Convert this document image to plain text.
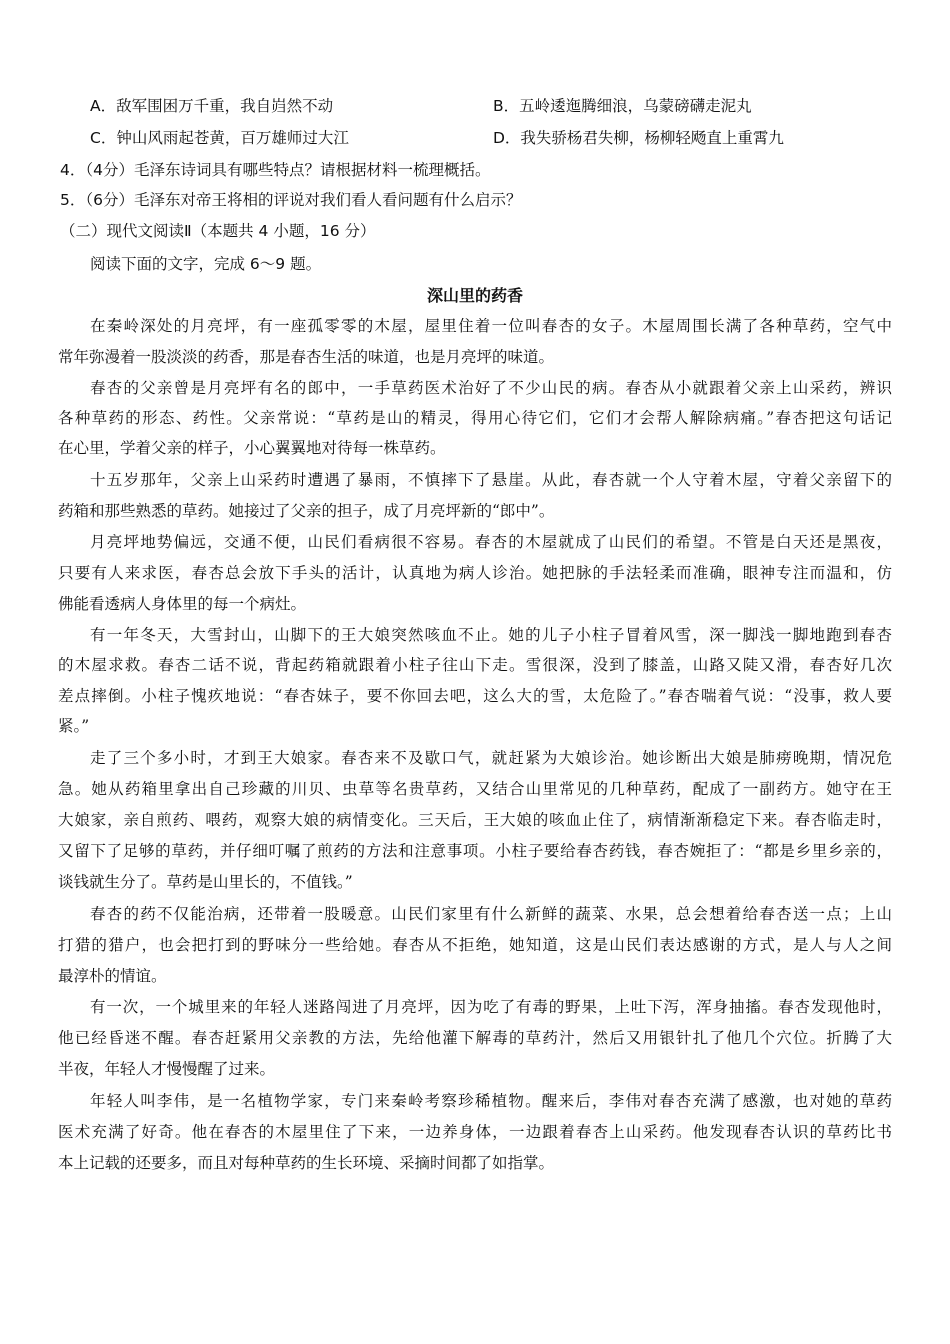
A．敌军围困万千重，我自岿然不动	B．五岭逶迤腾细浪，乌蒙磅礴走泥丸
C．钟山风雨起苍黄，百万雄师过大江	D．我失骄杨君失柳，杨柳轻飏直上重霄九
4．（4分）毛泽东诗词具有哪些特点？请根据材料一梳理概括。
5．（6分）毛泽东对帝王将相的评说对我们看人看问题有什么启示？
（二）现代文阅读Ⅱ（本题共 4 小题，16 分）
阅读下面的文字，完成 6～9 题。
深山里的药香
在秦岭深处的月亮坪，有一座孤零零的木屋，屋里住着一位叫春杏的女子。木屋周围长满了各种草药，空气中
常年弥漫着一股淡淡的药香，那是春杏生活的味道，也是月亮坪的味道。
春杏的父亲曾是月亮坪有名的郎中，一手草药医术治好了不少山民的病。春杏从小就跟着父亲上山采药，辨识
各种草药的形态、药性。父亲常说：“草药是山的精灵，得用心待它们，它们才会帮人解除病痛。”春杏把这句话记
在心里，学着父亲的样子，小心翼翼地对待每一株草药。
十五岁那年，父亲上山采药时遭遇了暴雨，不慎摔下了悬崖。从此，春杏就一个人守着木屋，守着父亲留下的
药箱和那些熟悉的草药。她接过了父亲的担子，成了月亮坪新的“郎中”。
月亮坪地势偏远，交通不便，山民们看病很不容易。春杏的木屋就成了山民们的希望。不管是白天还是黑夜，
只要有人来求医，春杏总会放下手头的活计，认真地为病人诊治。她把脉的手法轻柔而准确，眼神专注而温和，仿
佛能看透病人身体里的每一个病灶。
有一年冬天，大雪封山，山脚下的王大娘突然咳血不止。她的儿子小柱子冒着风雪，深一脚浅一脚地跑到春杏
的木屋求救。春杏二话不说，背起药箱就跟着小柱子往山下走。雪很深，没到了膝盖，山路又陡又滑，春杏好几次
差点摔倒。小柱子愧疚地说：“春杏妹子，要不你回去吧，这么大的雪，太危险了。”春杏喘着气说：“没事，救人要
紧。”
走了三个多小时，才到王大娘家。春杏来不及歇口气，就赶紧为大娘诊治。她诊断出大娘是肺痨晚期，情况危
急。她从药箱里拿出自己珍藏的川贝、虫草等名贵草药，又结合山里常见的几种草药，配成了一副药方。她守在王
大娘家，亲自煎药、喂药，观察大娘的病情变化。三天后，王大娘的咳血止住了，病情渐渐稳定下来。春杏临走时，
又留下了足够的草药，并仔细叮嘱了煎药的方法和注意事项。小柱子要给春杏药钱，春杏婉拒了：“都是乡里乡亲的，
谈钱就生分了。草药是山里长的，不值钱。”
春杏的药不仅能治病，还带着一股暖意。山民们家里有什么新鲜的蔬菜、水果，总会想着给春杏送一点；上山
打猎的猎户，也会把打到的野味分一些给她。春杏从不拒绝，她知道，这是山民们表达感谢的方式，是人与人之间
最淳朴的情谊。
有一次，一个城里来的年轻人迷路闯进了月亮坪，因为吃了有毒的野果，上吐下泻，浑身抽搐。春杏发现他时，
他已经昏迷不醒。春杏赶紧用父亲教的方法，先给他灌下解毒的草药汁，然后又用银针扎了他几个穴位。折腾了大
半夜，年轻人才慢慢醒了过来。
年轻人叫李伟，是一名植物学家，专门来秦岭考察珍稀植物。醒来后，李伟对春杏充满了感激，也对她的草药
医术充满了好奇。他在春杏的木屋里住了下来，一边养身体，一边跟着春杏上山采药。他发现春杏认识的草药比书
本上记载的还要多，而且对每种草药的生长环境、采摘时间都了如指掌。
